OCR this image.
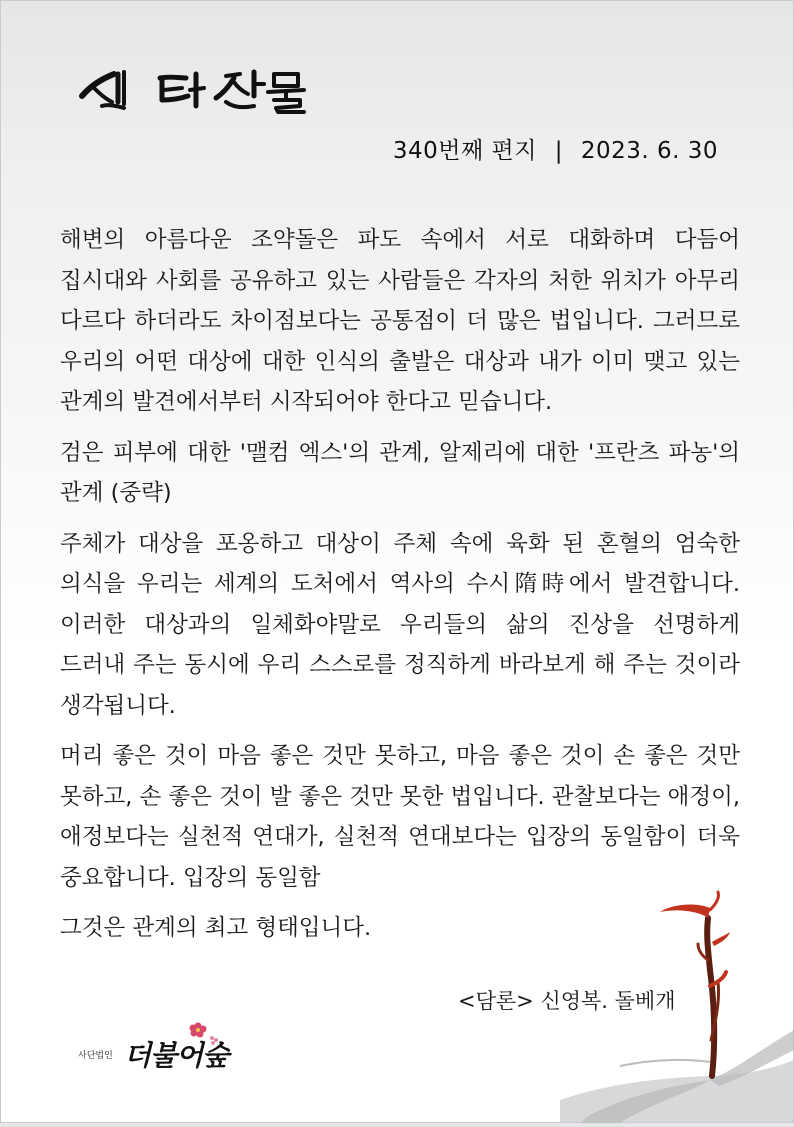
340번째 편지 | 2023. 6. 30

해변의 아름다운 조약돌은 파도 속에서 서로 대화하며 다듬어 집시대와 사회를 공유하고 있는 사람들은 각자의 처한 위치가 아무리 다르다 하더라도 차이점보다는 공통점이 더 많은 법입니다. 그러므로 우리의 어떤 대상에 대한 인식의 출발은 대상과 내가 이미 맺고 있는 관계의 발견에서부터 시작되어야 한다고 믿습니다.

검은 피부에 대한 '맬컴 엑스'의 관계, 알제리에 대한 '프란츠 파농'의 관계 (중략)

주체가 대상을 포옹하고 대상이 주체 속에 육화 된 혼혈의 엄숙한 의식을 우리는 세계의 도처에서 역사의 수시隋時에서 발견합니다. 이러한 대상과의 일체화야말로 우리들의 삶의 진상을 선명하게 드러내 주는 동시에 우리 스스로를 정직하게 바라보게 해 주는 것이라 생각됩니다.

머리 좋은 것이 마음 좋은 것만 못하고, 마음 좋은 것이 손 좋은 것만 못하고, 손 좋은 것이 발 좋은 것만 못한 법입니다. 관찰보다는 애정이, 애정보다는 실천적 연대가, 실천적 연대보다는 입장의 동일함이 더욱 중요합니다. 입장의 동일함

그것은 관계의 최고 형태입니다.

<담론> 신영복. 돌베개
사단법인 더불어숲
